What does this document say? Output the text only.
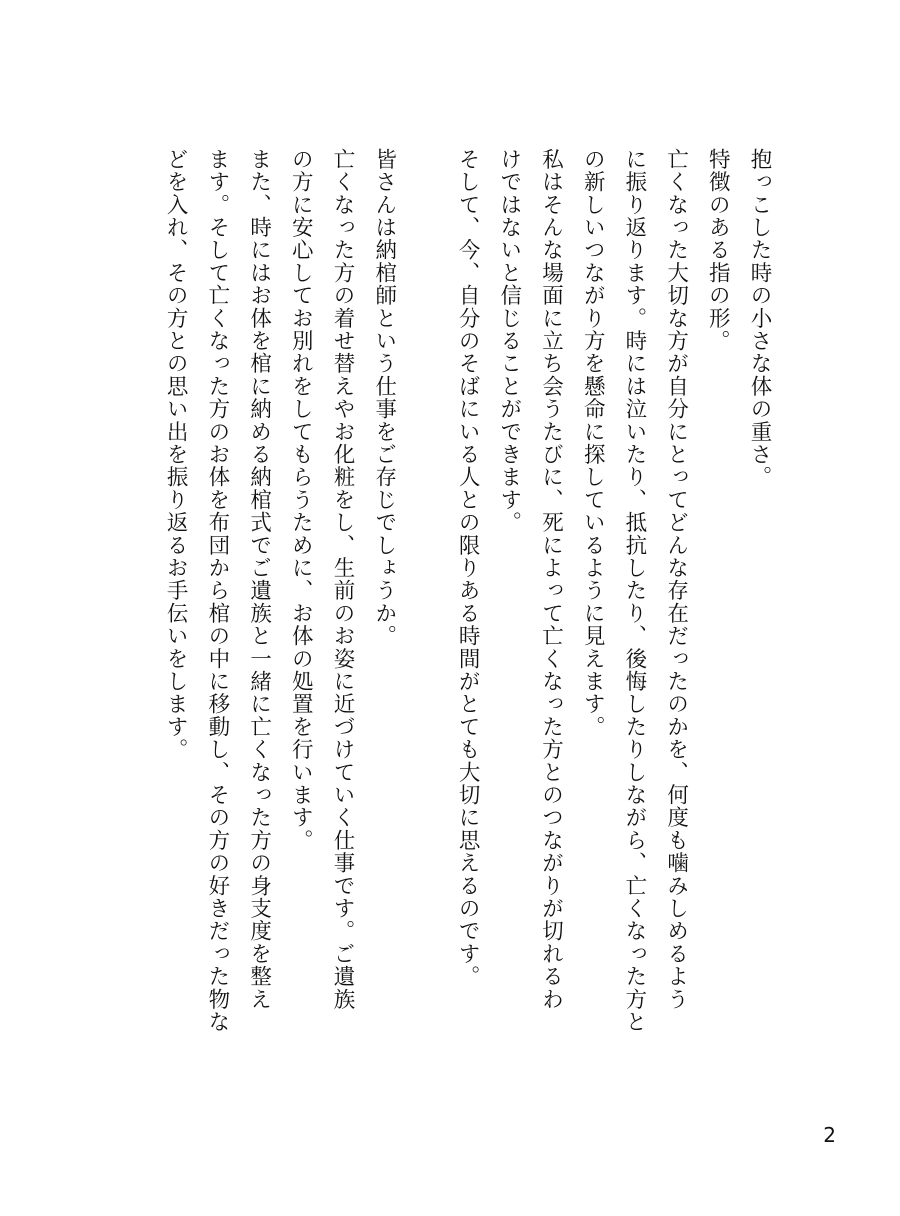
抱っこした時の小さな体の重さ。

特徴のある指の形。

亡くなった大切な方が自分にとってどんな存在だったのかを、何度も噛みしめるよう

に振り返ります。時には泣いたり、抵抗したり、後悔したりしながら、亡くなった方と

の新しいつながり方を懸命に探しているように見えます。

私はそんな場面に立ち会うたびに、死によって亡くなった方とのつながりが切れるわ

けではないと信じることができます。

そして、今、自分のそばにいる人との限りある時間がとても大切に思えるのです。

皆さんは納棺師という仕事をご存じでしょうか。

亡くなった方の着せ替えやお化粧をし、生前のお姿に近づけていく仕事です。ご遺族

の方に安心してお別れをしてもらうために、お体の処置を行います。

また、時にはお体を棺に納める納棺式でご遺族と一緒に亡くなった方の身支度を整え

ます。そして亡くなった方のお体を布団から棺の中に移動し、その方の好きだった物な

どを入れ、その方との思い出を振り返るお手伝いをします。

2
